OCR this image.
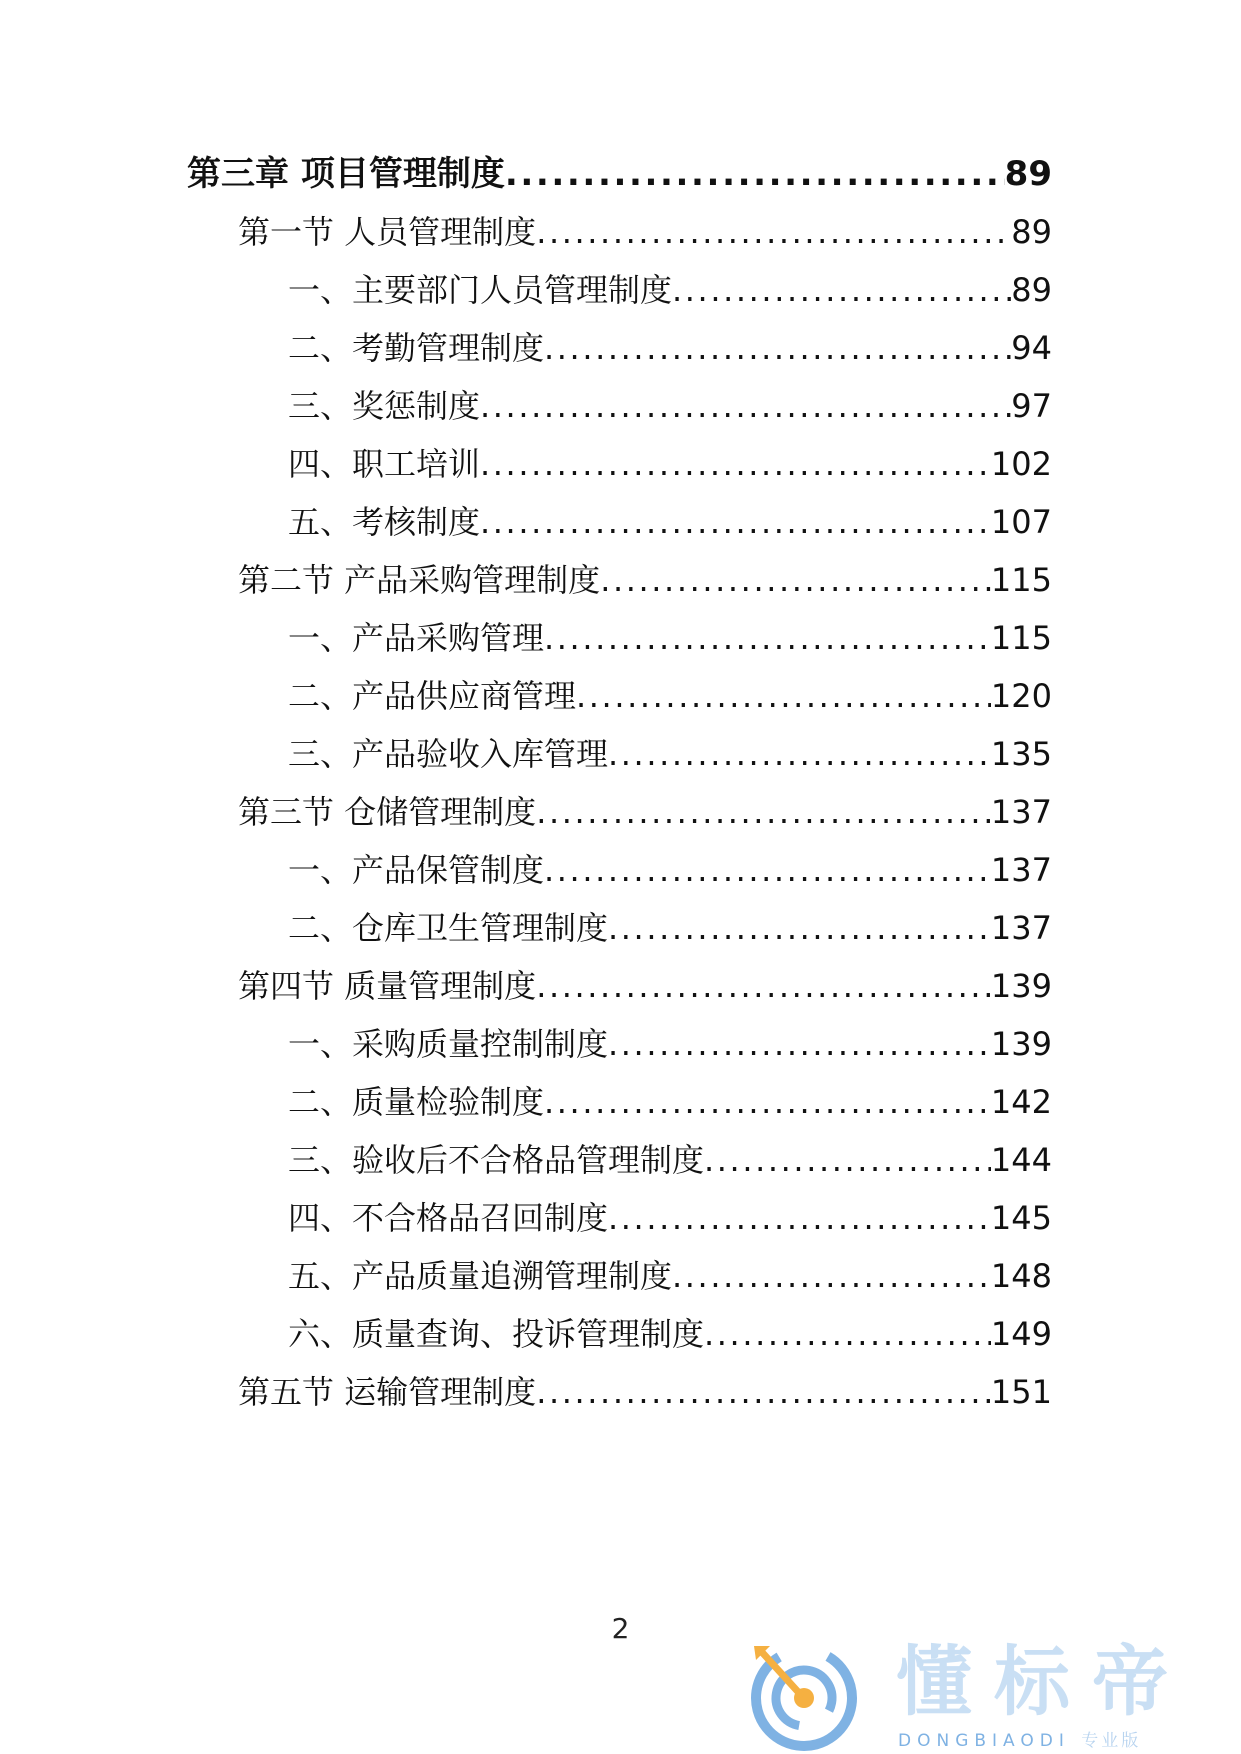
第三章 项目管理制度 .....	89
第一节 人员管理制度 .....	89
一、主要部门人员管理制度 .....	89
二、考勤管理制度 .....	94
三、奖惩制度 .....	97
四、职工培训 .....	102
五、考核制度 .....	107
第二节 产品采购管理制度 .....	115
一、产品采购管理 .....	115
二、产品供应商管理 .....	120
三、产品验收入库管理 .....	135
第三节 仓储管理制度 .....	137
一、产品保管制度 .....	137
二、仓库卫生管理制度 .....	137
第四节 质量管理制度 .....	139
一、采购质量控制制度 .....	139
二、质量检验制度 .....	142
三、验收后不合格品管理制度 .....	144
四、不合格品召回制度 .....	145
五、产品质量追溯管理制度 .....	148
六、质量查询、投诉管理制度 .....	149
第五节 运输管理制度 .....	151
2
懂标帝
DONGBIAODI 专业版
